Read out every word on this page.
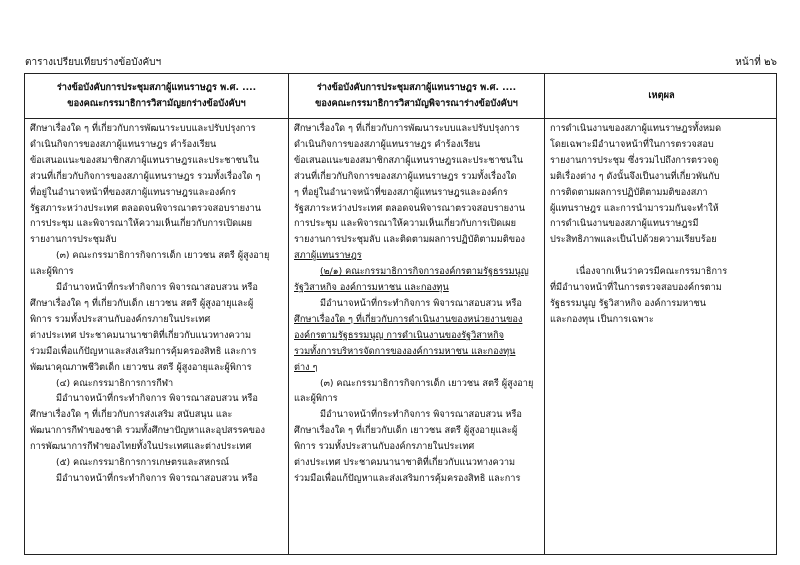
ตารางเปรียบเทียบร่างข้อบังคับฯ	หน้าที่ ๒๖
ร่างข้อบังคับการประชุมสภาผู้แทนราษฎร พ.ศ. ....
ของคณะกรรมาธิการวิสามัญยกร่างข้อบังคับฯ

ศึกษาเรื่องใด ๆ ที่เกี่ยวกับการพัฒนาระบบและปรับปรุงการ

ดำเนินกิจการของสภาผู้แทนราษฎร คำร้องเรียน

ข้อเสนอแนะของสมาชิกสภาผู้แทนราษฎรและประชาชนใน

ส่วนที่เกี่ยวกับกิจการของสภาผู้แทนราษฎร รวมทั้งเรื่องใด ๆ

ที่อยู่ในอำนาจหน้าที่ของสภาผู้แทนราษฎรและองค์กร

รัฐสภาระหว่างประเทศ ตลอดจนพิจารณาตรวจสอบรายงาน

การประชุม และพิจารณาให้ความเห็นเกี่ยวกับการเปิดเผย

รายงานการประชุมลับ

(๓) คณะกรรมาธิการกิจการเด็ก เยาวชน สตรี ผู้สูงอายุ

และผู้พิการ

มีอำนาจหน้าที่กระทำกิจการ พิจารณาสอบสวน หรือ

ศึกษาเรื่องใด ๆ ที่เกี่ยวกับเด็ก เยาวชน สตรี ผู้สูงอายุและผู้

พิการ รวมทั้งประสานกับองค์กรภายในประเทศ

ต่างประเทศ ประชาคมนานาชาติที่เกี่ยวกับแนวทางความ

ร่วมมือเพื่อแก้ปัญหาและส่งเสริมการคุ้มครองสิทธิ และการ

พัฒนาคุณภาพชีวิตเด็ก เยาวชน สตรี ผู้สูงอายุและผู้พิการ

(๔) คณะกรรมาธิการการกีฬา

มีอำนาจหน้าที่กระทำกิจการ พิจารณาสอบสวน หรือ

ศึกษาเรื่องใด ๆ ที่เกี่ยวกับการส่งเสริม สนับสนุน และ

พัฒนาการกีฬาของชาติ รวมทั้งศึกษาปัญหาและอุปสรรคของ

การพัฒนาการกีฬาของไทยทั้งในประเทศและต่างประเทศ

(๕) คณะกรรมาธิการการเกษตรและสหกรณ์

มีอำนาจหน้าที่กระทำกิจการ พิจารณาสอบสวน หรือ

ร่างข้อบังคับการประชุมสภาผู้แทนราษฎร พ.ศ. ....
ของคณะกรรมาธิการวิสามัญพิจารณาร่างข้อบังคับฯ

ศึกษาเรื่องใด ๆ ที่เกี่ยวกับการพัฒนาระบบและปรับปรุงการ

ดำเนินกิจการของสภาผู้แทนราษฎร คำร้องเรียน

ข้อเสนอแนะของสมาชิกสภาผู้แทนราษฎรและประชาชนใน

ส่วนที่เกี่ยวกับกิจการของสภาผู้แทนราษฎร รวมทั้งเรื่องใด

ๆ ที่อยู่ในอำนาจหน้าที่ของสภาผู้แทนราษฎรและองค์กร

รัฐสภาระหว่างประเทศ ตลอดจนพิจารณาตรวจสอบรายงาน

การประชุม และพิจารณาให้ความเห็นเกี่ยวกับการเปิดเผย

รายงานการประชุมลับ และติดตามผลการปฏิบัติตามมติของ

สภาผู้แทนราษฎร

(๒/๑) คณะกรรมาธิการกิจการองค์กรตามรัฐธรรมนูญ

รัฐวิสาหกิจ องค์การมหาชน และกองทุน

มีอำนาจหน้าที่กระทำกิจการ พิจารณาสอบสวน หรือ

ศึกษาเรื่องใด ๆ ที่เกี่ยวกับการดำเนินงานของหน่วยงานของ

องค์กรตามรัฐธรรมนูญ การดำเนินงานของรัฐวิสาหกิจ

รวมทั้งการบริหารจัดการขององค์การมหาชน และกองทุน

ต่าง ๆ

(๓) คณะกรรมาธิการกิจการเด็ก เยาวชน สตรี ผู้สูงอายุ

และผู้พิการ

มีอำนาจหน้าที่กระทำกิจการ พิจารณาสอบสวน หรือ

ศึกษาเรื่องใด ๆ ที่เกี่ยวกับเด็ก เยาวชน สตรี ผู้สูงอายุและผู้

พิการ รวมทั้งประสานกับองค์กรภายในประเทศ

ต่างประเทศ ประชาคมนานาชาติที่เกี่ยวกับแนวทางความ

ร่วมมือเพื่อแก้ปัญหาและส่งเสริมการคุ้มครองสิทธิ และการ

เหตุผล

การดำเนินงานของสภาผู้แทนราษฎรทั้งหมด

โดยเฉพาะมีอำนาจหน้าที่ในการตรวจสอบ

รายงานการประชุม ซึ่งรวมไปถึงการตรวจดู

มติเรื่องต่าง ๆ ดังนั้นจึงเป็นงานที่เกี่ยวพันกับ

การติดตามผลการปฏิบัติตามมติของสภา

ผู้แทนราษฎร และการนำมารวมกันจะทำให้

การดำเนินงานของสภาผู้แทนราษฎรมี

ประสิทธิภาพและเป็นไปด้วยความเรียบร้อย

เนื่องจากเห็นว่าควรมีคณะกรรมาธิการ

ที่มีอำนาจหน้าที่ในการตรวจสอบองค์กรตาม

รัฐธรรมนูญ รัฐวิสาหกิจ องค์การมหาชน

และกองทุน เป็นการเฉพาะ
